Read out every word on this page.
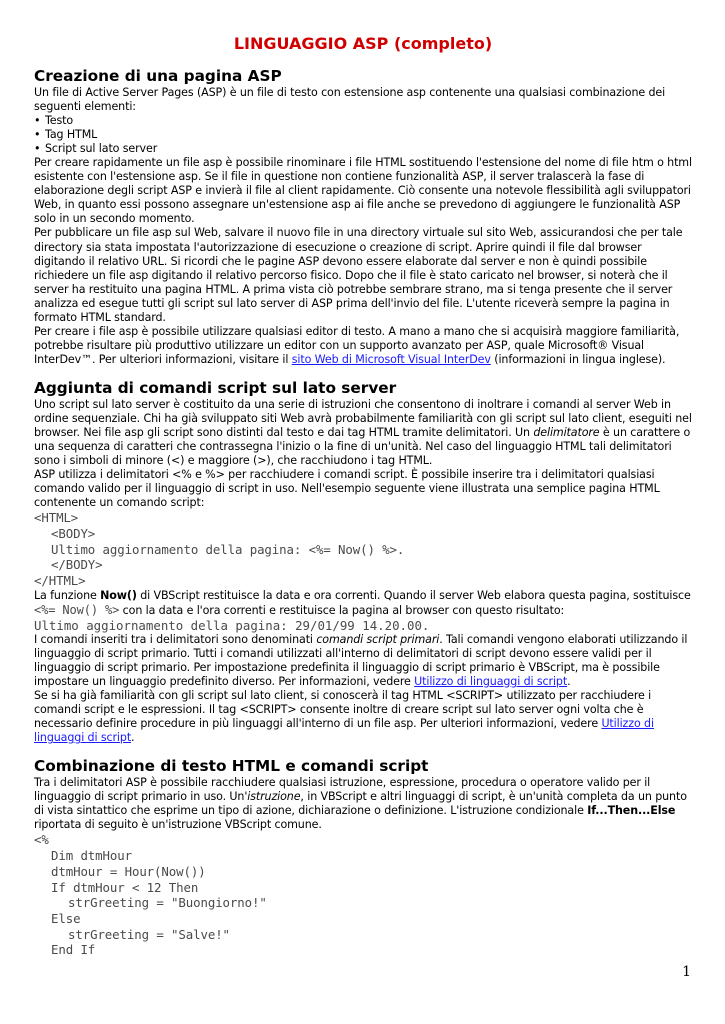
LINGUAGGIO ASP (completo)
Creazione di una pagina ASP

Un file di Active Server Pages (ASP) è un file di testo con estensione asp contenente una qualsiasi combinazione dei seguenti elementi:

• Testo
• Tag HTML
• Script sul lato server

Per creare rapidamente un file asp è possibile rinominare i file HTML sostituendo l'estensione del nome di file htm o html esistente con l'estensione asp. Se il file in questione non contiene funzionalità ASP, il server tralascerà la fase di elaborazione degli script ASP e invierà il file al client rapidamente. Ciò consente una notevole flessibilità agli sviluppatori Web, in quanto essi possono assegnare un'estensione asp ai file anche se prevedono di aggiungere le funzionalità ASP solo in un secondo momento.

Per pubblicare un file asp sul Web, salvare il nuovo file in una directory virtuale sul sito Web, assicurandosi che per tale directory sia stata impostata l'autorizzazione di esecuzione o creazione di script. Aprire quindi il file dal browser digitando il relativo URL. Si ricordi che le pagine ASP devono essere elaborate dal server e non è quindi possibile richiedere un file asp digitando il relativo percorso fisico. Dopo che il file è stato caricato nel browser, si noterà che il server ha restituito una pagina HTML. A prima vista ciò potrebbe sembrare strano, ma si tenga presente che il server analizza ed esegue tutti gli script sul lato server di ASP prima dell'invio del file. L'utente riceverà sempre la pagina in formato HTML standard.

Per creare i file asp è possibile utilizzare qualsiasi editor di testo. A mano a mano che si acquisirà maggiore familiarità, potrebbe risultare più produttivo utilizzare un editor con un supporto avanzato per ASP, quale Microsoft® Visual InterDev™. Per ulteriori informazioni, visitare il sito Web di Microsoft Visual InterDev (informazioni in lingua inglese).

Aggiunta di comandi script sul lato server

Uno script sul lato server è costituito da una serie di istruzioni che consentono di inoltrare i comandi al server Web in ordine sequenziale. Chi ha già sviluppato siti Web avrà probabilmente familiarità con gli script sul lato client, eseguiti nel browser. Nei file asp gli script sono distinti dal testo e dai tag HTML tramite delimitatori. Un delimitatore è un carattere o una sequenza di caratteri che contrassegna l'inizio o la fine di un'unità. Nel caso del linguaggio HTML tali delimitatori sono i simboli di minore (<) e maggiore (>), che racchiudono i tag HTML.

ASP utilizza i delimitatori <% e %> per racchiudere i comandi script. È possibile inserire tra i delimitatori qualsiasi comando valido per il linguaggio di script in uso. Nell'esempio seguente viene illustrata una semplice pagina HTML contenente un comando script:

<HTML>
<BODY>
Ultimo aggiornamento della pagina: <%= Now() %>.
</BODY>
</HTML>

La funzione Now() di VBScript restituisce la data e ora correnti. Quando il server Web elabora questa pagina, sostituisce <%= Now() %> con la data e l'ora correnti e restituisce la pagina al browser con questo risultato:

Ultimo aggiornamento della pagina: 29/01/99 14.20.00.

I comandi inseriti tra i delimitatori sono denominati comandi script primari. Tali comandi vengono elaborati utilizzando il linguaggio di script primario. Tutti i comandi utilizzati all'interno di delimitatori di script devono essere validi per il linguaggio di script primario. Per impostazione predefinita il linguaggio di script primario è VBScript, ma è possibile impostare un linguaggio predefinito diverso. Per informazioni, vedere Utilizzo di linguaggi di script.

Se si ha già familiarità con gli script sul lato client, si conoscerà il tag HTML <SCRIPT> utilizzato per racchiudere i comandi script e le espressioni. Il tag <SCRIPT> consente inoltre di creare script sul lato server ogni volta che è necessario definire procedure in più linguaggi all'interno di un file asp. Per ulteriori informazioni, vedere Utilizzo di linguaggi di script.

Combinazione di testo HTML e comandi script

Tra i delimitatori ASP è possibile racchiudere qualsiasi istruzione, espressione, procedura o operatore valido per il linguaggio di script primario in uso. Un'istruzione, in VBScript e altri linguaggi di script, è un'unità completa da un punto di vista sintattico che esprime un tipo di azione, dichiarazione o definizione. L'istruzione condizionale If...Then...Else riportata di seguito è un'istruzione VBScript comune.

<%
Dim dtmHour
dtmHour = Hour(Now())
If dtmHour < 12 Then
strGreeting = "Buongiorno!"
Else
strGreeting = "Salve!"
End If
1
